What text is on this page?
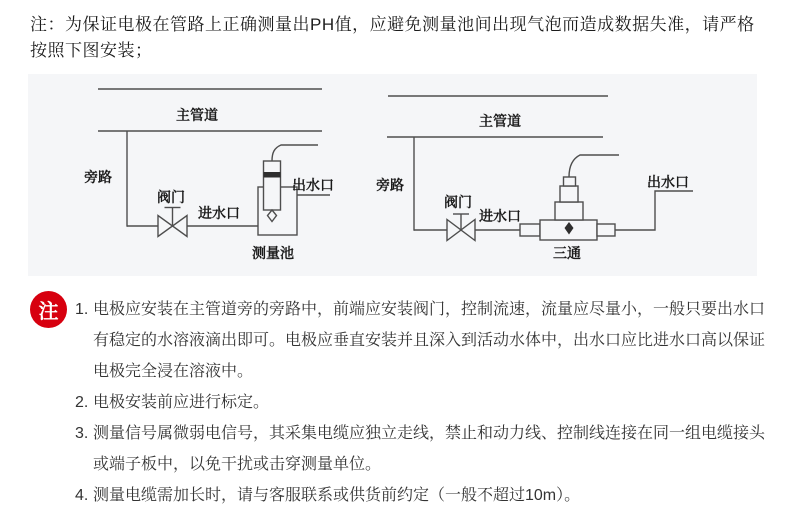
注：为保证电极在管路上正确测量出PH值，应避免测量池间出现气泡而造成数据失准，请严格按照下图安装；

主管道
旁路
阀门
进水口
出水口
测量池
主管道
旁路
阀门
进水口
出水口
三通
注 1. 电极应安装在主管道旁的旁路中，前端应安装阀门，控制流速，流量应尽量小，一般只要出水口有稳定的水溶液滴出即可。电极应垂直安装并且深入到活动水体中，出水口应比进水口高以保证电极完全浸在溶液中。
2. 电极安装前应进行标定。
3. 测量信号属微弱电信号，其采集电缆应独立走线，禁止和动力线、控制线连接在同一组电缆接头或端子板中，以免干扰或击穿测量单位。
4. 测量电缆需加长时，请与客服联系或供货前约定（一般不超过10m）。
